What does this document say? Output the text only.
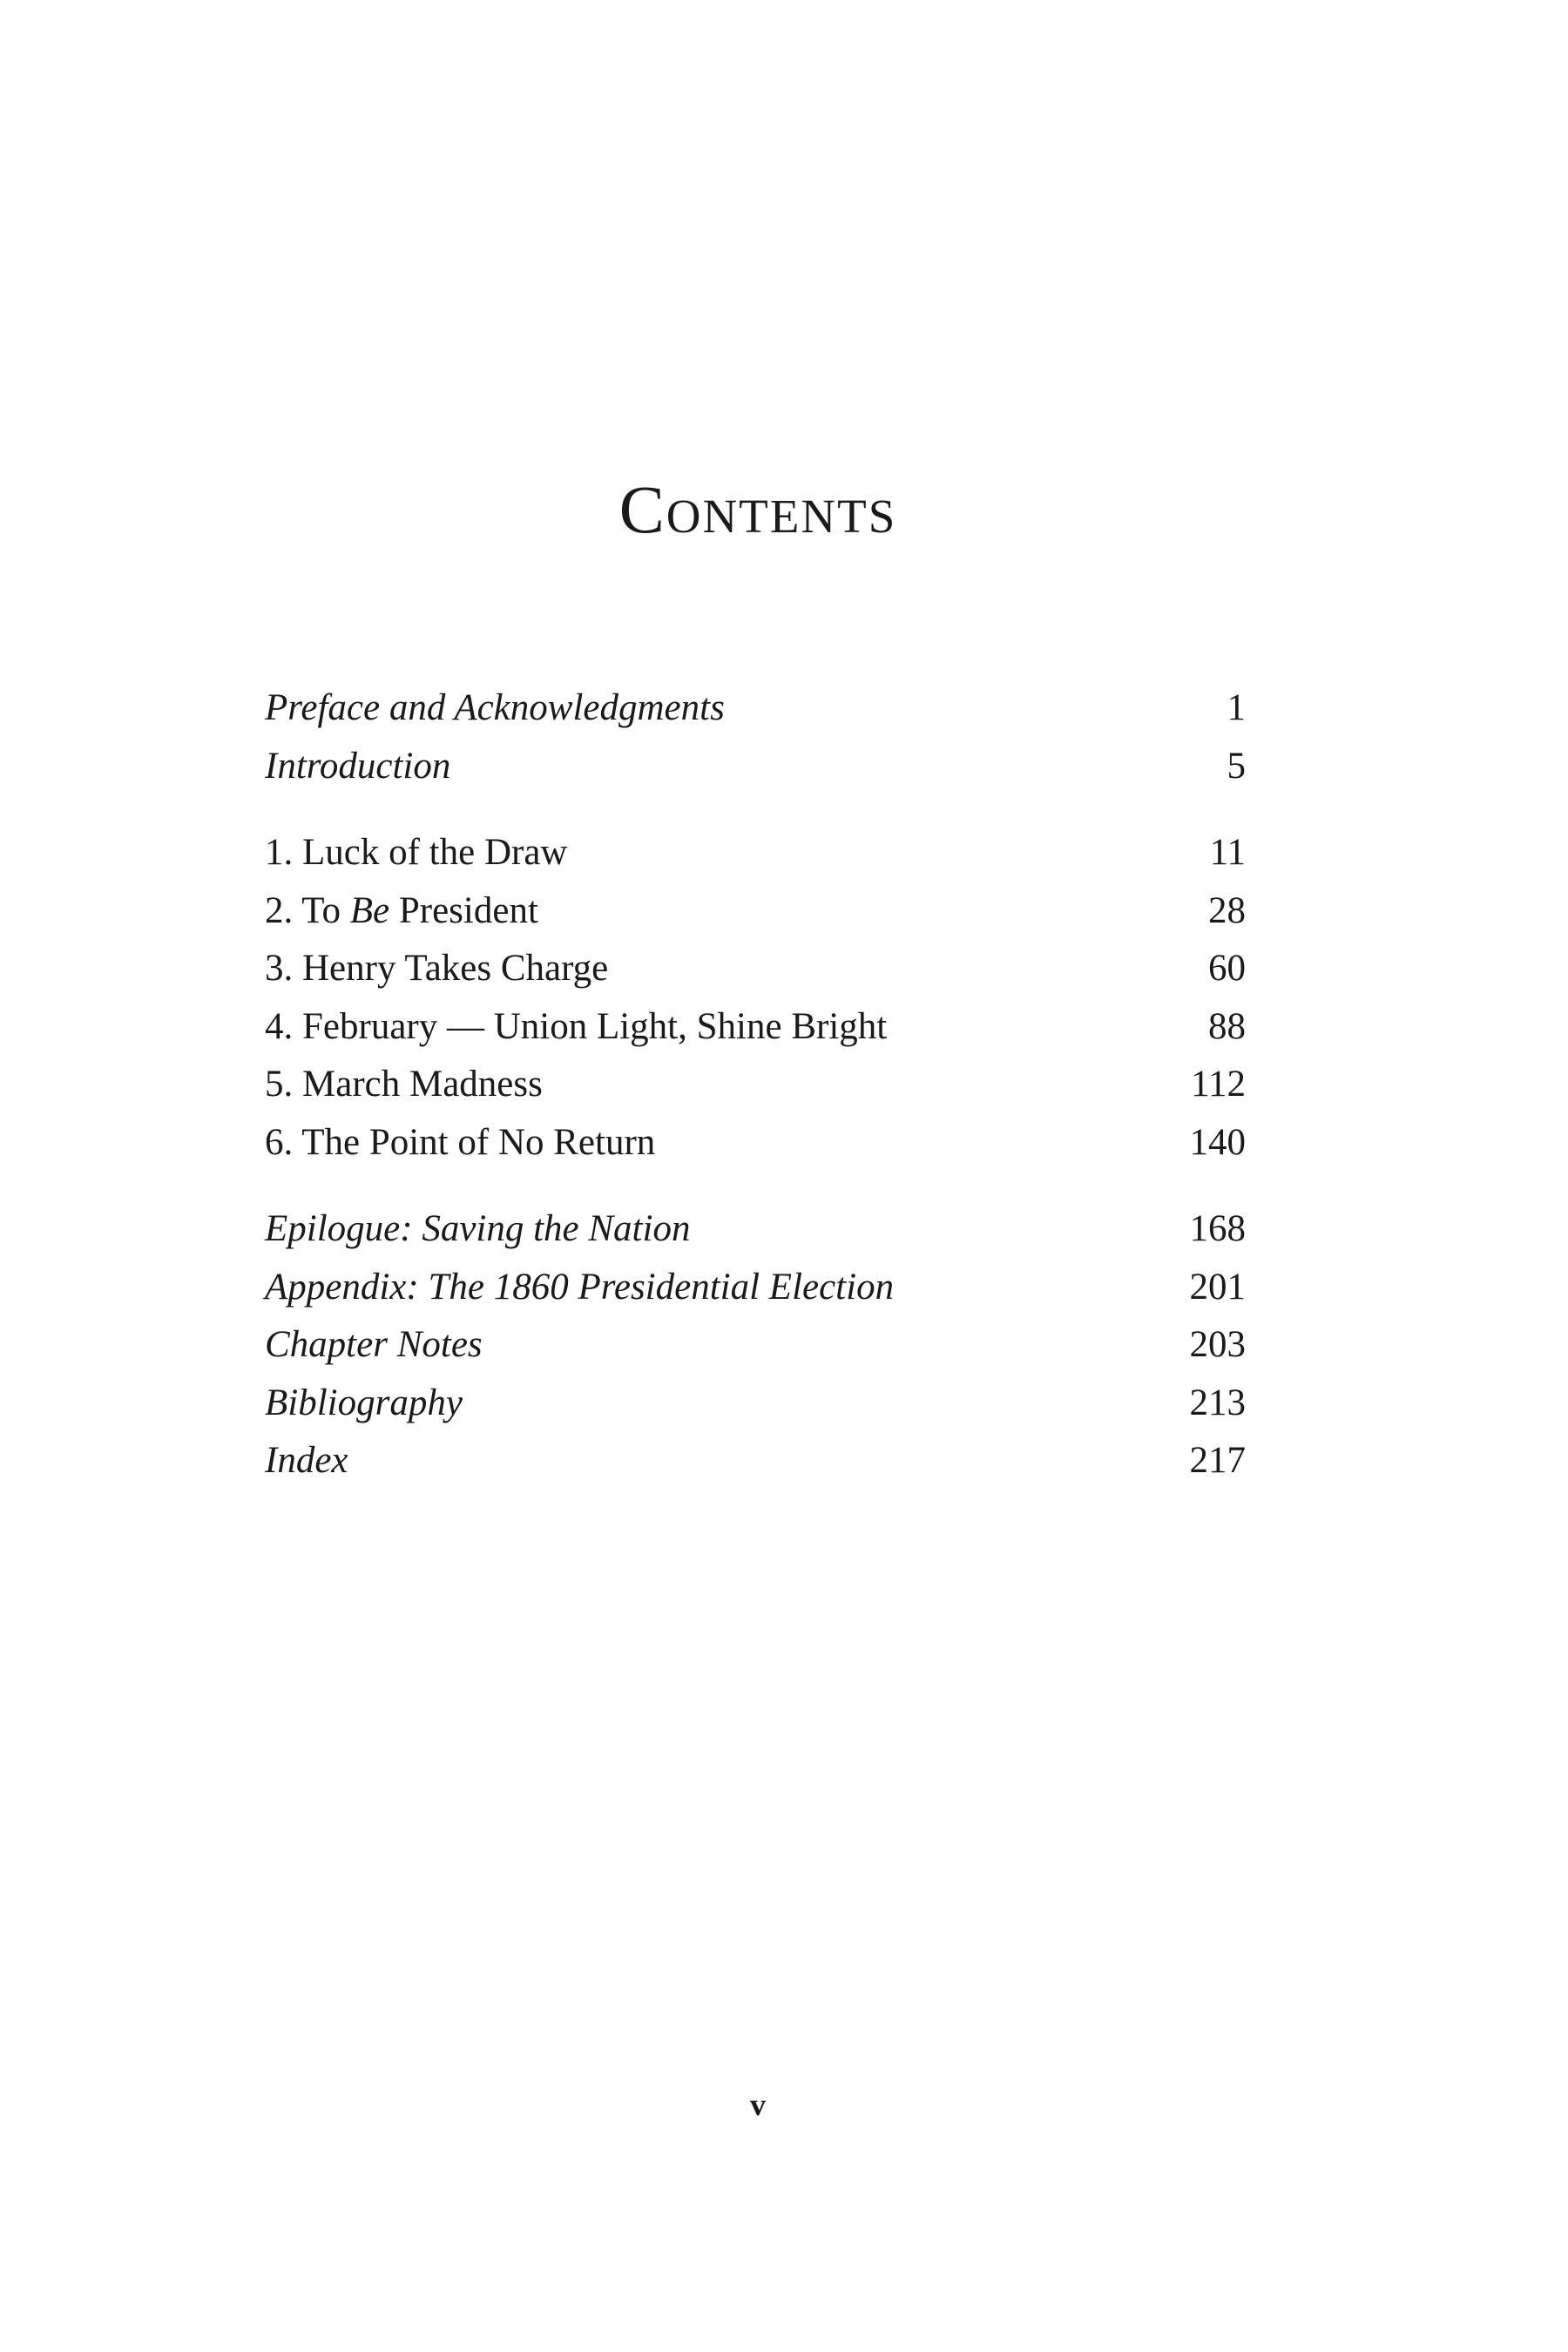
Contents
Preface and Acknowledgments	1
Introduction	5
1. Luck of the Draw	11
2. To Be President	28
3. Henry Takes Charge	60
4. February — Union Light, Shine Bright	88
5. March Madness	112
6. The Point of No Return	140
Epilogue: Saving the Nation	168
Appendix: The 1860 Presidential Election	201
Chapter Notes	203
Bibliography	213
Index	217
v
